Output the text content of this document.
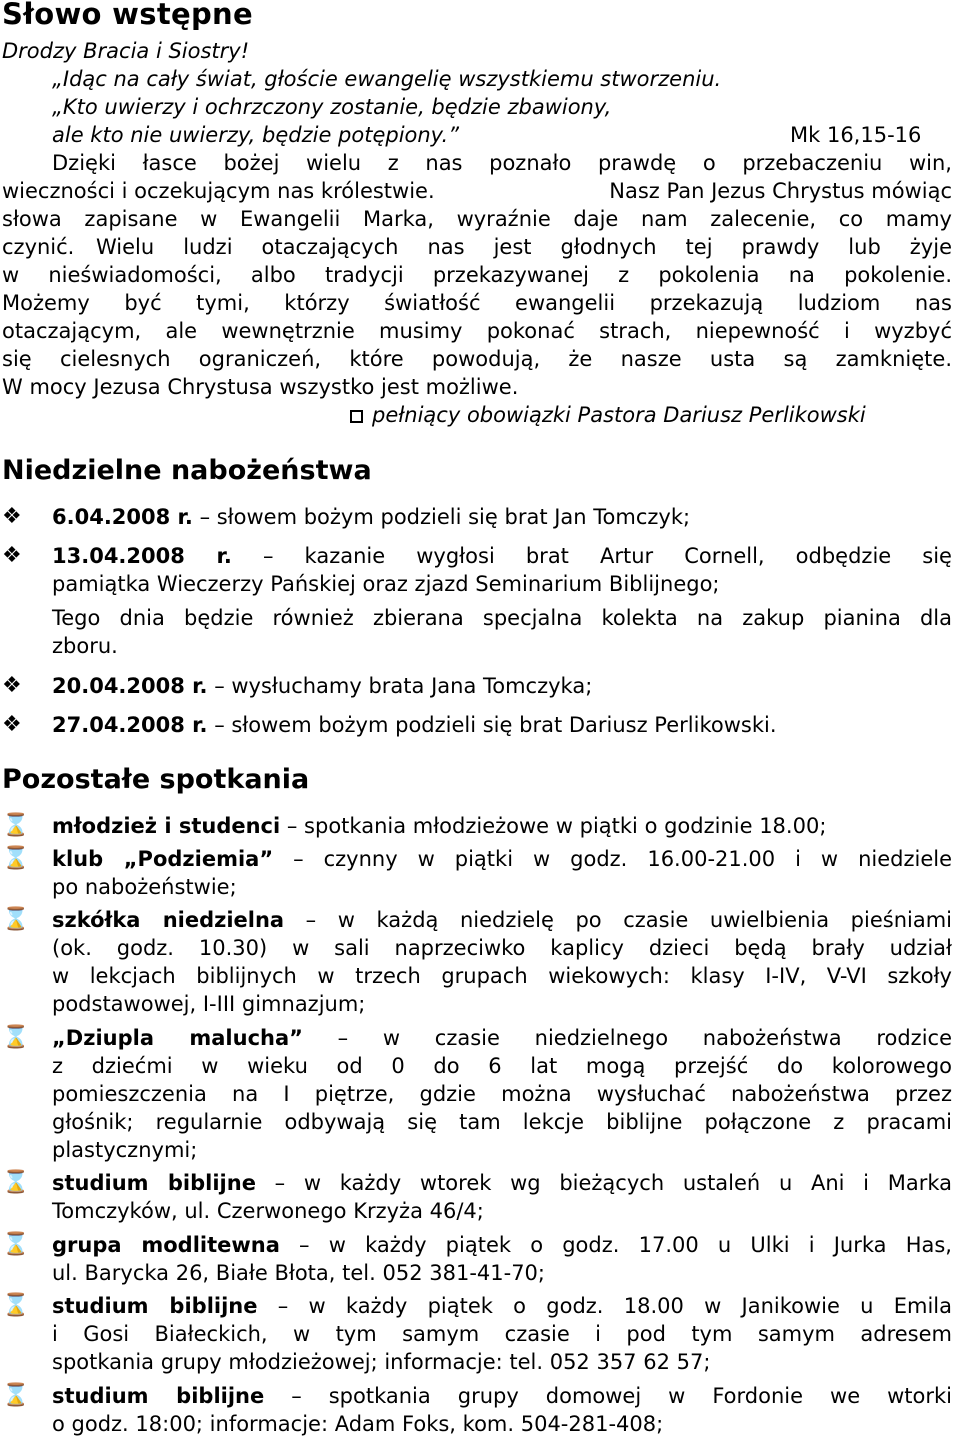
Słowo wstępne
Drodzy Bracia i Siostry!
„Idąc na cały świat, głoście ewangelię wszystkiemu stworzeniu.
„Kto uwierzy i ochrzczony zostanie, będzie zbawiony,
ale kto nie uwierzy, będzie potępiony.”	Mk 16,15-16
Dzięki łasce bożej wielu z nas poznało prawdę o przebaczeniu win,
wieczności i oczekującym nas królestwie.	Nasz Pan Jezus Chrystus mówiąc
słowa zapisane w Ewangelii Marka, wyraźnie daje nam zalecenie, co mamy
czynić. Wielu ludzi otaczających nas jest głodnych tej prawdy lub żyje
w nieświadomości, albo tradycji przekazywanej z pokolenia na pokolenie.
Możemy być tymi, którzy światłość ewangelii przekazują ludziom nas
otaczającym, ale wewnętrznie musimy pokonać strach, niepewność i wyzbyć
się cielesnych ograniczeń, które powodują, że nasze usta są zamknięte.
W mocy Jezusa Chrystusa wszystko jest możliwe.
pełniący obowiązki Pastora Dariusz Perlikowski
Niedzielne nabożeństwa
❖ 6.04.2008 r. – słowem bożym podzieli się brat Jan Tomczyk;
❖ 13.04.2008 r. – kazanie wygłosi brat Artur Cornell, odbędzie się
pamiątka Wieczerzy Pańskiej oraz zjazd Seminarium Biblijnego;
Tego dnia będzie również zbierana specjalna kolekta na zakup pianina dla
zboru.
❖ 20.04.2008 r. – wysłuchamy brata Jana Tomczyka;
❖ 27.04.2008 r. – słowem bożym podzieli się brat Dariusz Perlikowski.
Pozostałe spotkania
⌛ młodzież i studenci – spotkania młodzieżowe w piątki o godzinie 18.00;
⌛ klub „Podziemia” – czynny w piątki w godz. 16.00-21.00 i w niedziele
po nabożeństwie;
⌛ szkółka niedzielna – w każdą niedzielę po czasie uwielbienia pieśniami
(ok. godz. 10.30) w sali naprzeciwko kaplicy dzieci będą brały udział
w lekcjach biblijnych w trzech grupach wiekowych: klasy I-IV, V-VI szkoły
podstawowej, I-III gimnazjum;
⌛ „Dziupla malucha” – w czasie niedzielnego nabożeństwa rodzice
z dziećmi w wieku od 0 do 6 lat mogą przejść do kolorowego
pomieszczenia na I piętrze, gdzie można wysłuchać nabożeństwa przez
głośnik; regularnie odbywają się tam lekcje biblijne połączone z pracami
plastycznymi;
⌛ studium biblijne – w każdy wtorek wg bieżących ustaleń u Ani i Marka
Tomczyków, ul. Czerwonego Krzyża 46/4;
⌛ grupa modlitewna – w każdy piątek o godz. 17.00 u Ulki i Jurka Has,
ul. Barycka 26, Białe Błota, tel. 052 381-41-70;
⌛ studium biblijne – w każdy piątek o godz. 18.00 w Janikowie u Emila
i Gosi Białeckich, w tym samym czasie i pod tym samym adresem
spotkania grupy młodzieżowej; informacje: tel. 052 357 62 57;
⌛ studium biblijne – spotkania grupy domowej w Fordonie we wtorki
o godz. 18:00; informacje: Adam Foks, kom. 504-281-408;
